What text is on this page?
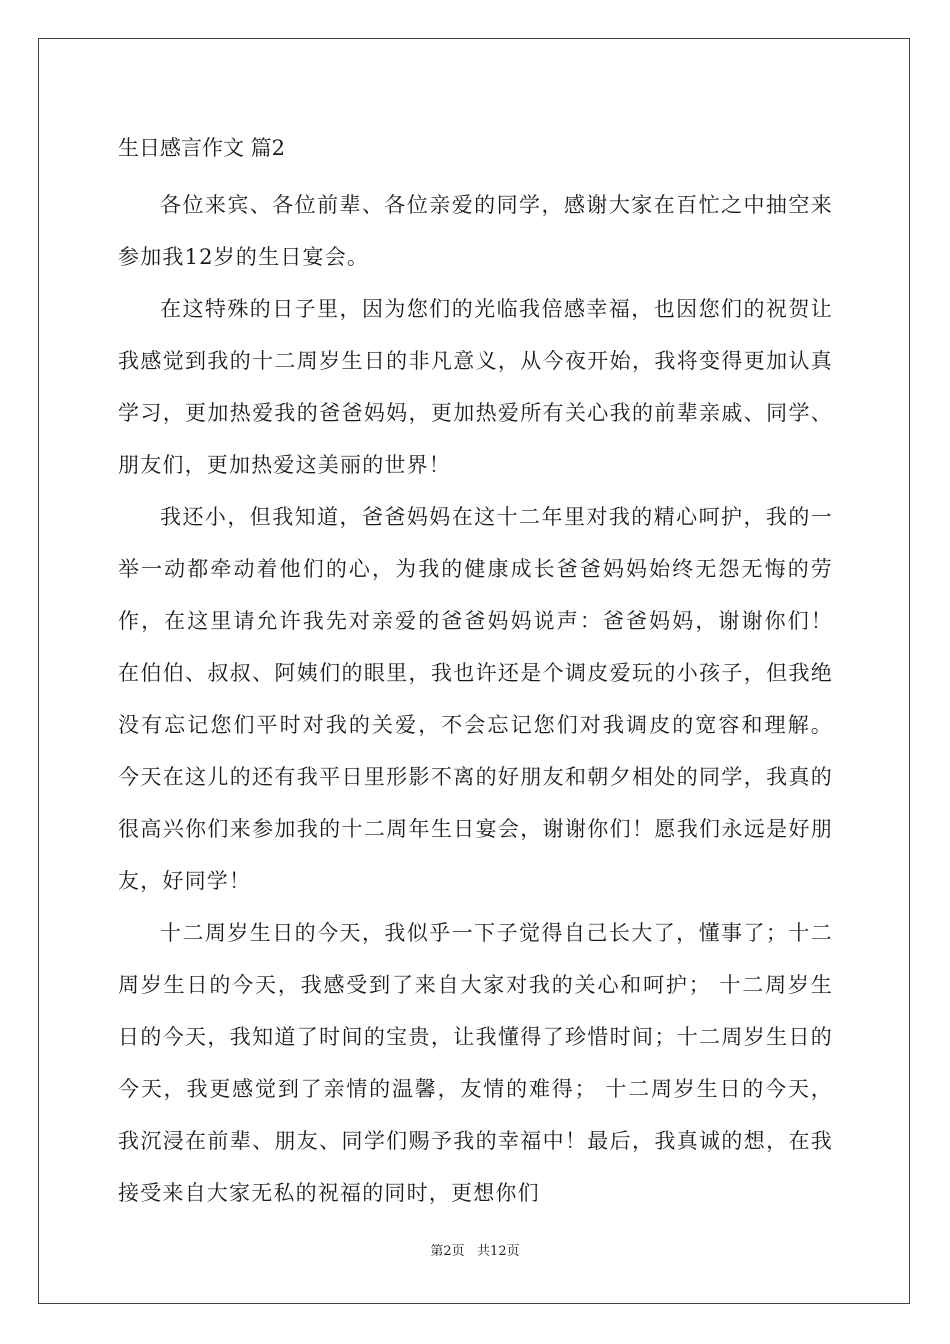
生日感言作文 篇2

各位来宾、各位前辈、各位亲爱的同学，感谢大家在百忙之中抽空来参加我12岁的生日宴会。

在这特殊的日子里，因为您们的光临我倍感幸福，也因您们的祝贺让我感觉到我的十二周岁生日的非凡意义，从今夜开始，我将变得更加认真学习，更加热爱我的爸爸妈妈，更加热爱所有关心我的前辈亲戚、同学、朋友们，更加热爱这美丽的世界！

我还小，但我知道，爸爸妈妈在这十二年里对我的精心呵护，我的一举一动都牵动着他们的心，为我的健康成长爸爸妈妈始终无怨无悔的劳作，在这里请允许我先对亲爱的爸爸妈妈说声：爸爸妈妈，谢谢你们！ 在伯伯、叔叔、阿姨们的眼里，我也许还是个调皮爱玩的小孩子，但我绝没有忘记您们平时对我的关爱，不会忘记您们对我调皮的宽容和理解。 今天在这儿的还有我平日里形影不离的好朋友和朝夕相处的同学，我真的很高兴你们来参加我的十二周年生日宴会，谢谢你们！愿我们永远是好朋友，好同学！

十二周岁生日的今天，我似乎一下子觉得自己长大了，懂事了；十二周岁生日的今天，我感受到了来自大家对我的关心和呵护； 十二周岁生日的今天，我知道了时间的宝贵，让我懂得了珍惜时间；十二周岁生日的今天，我更感觉到了亲情的温馨，友情的难得； 十二周岁生日的今天，我沉浸在前辈、朋友、同学们赐予我的幸福中！最后，我真诚的想，在我接受来自大家无私的祝福的同时，更想你们

第2页   共12页
